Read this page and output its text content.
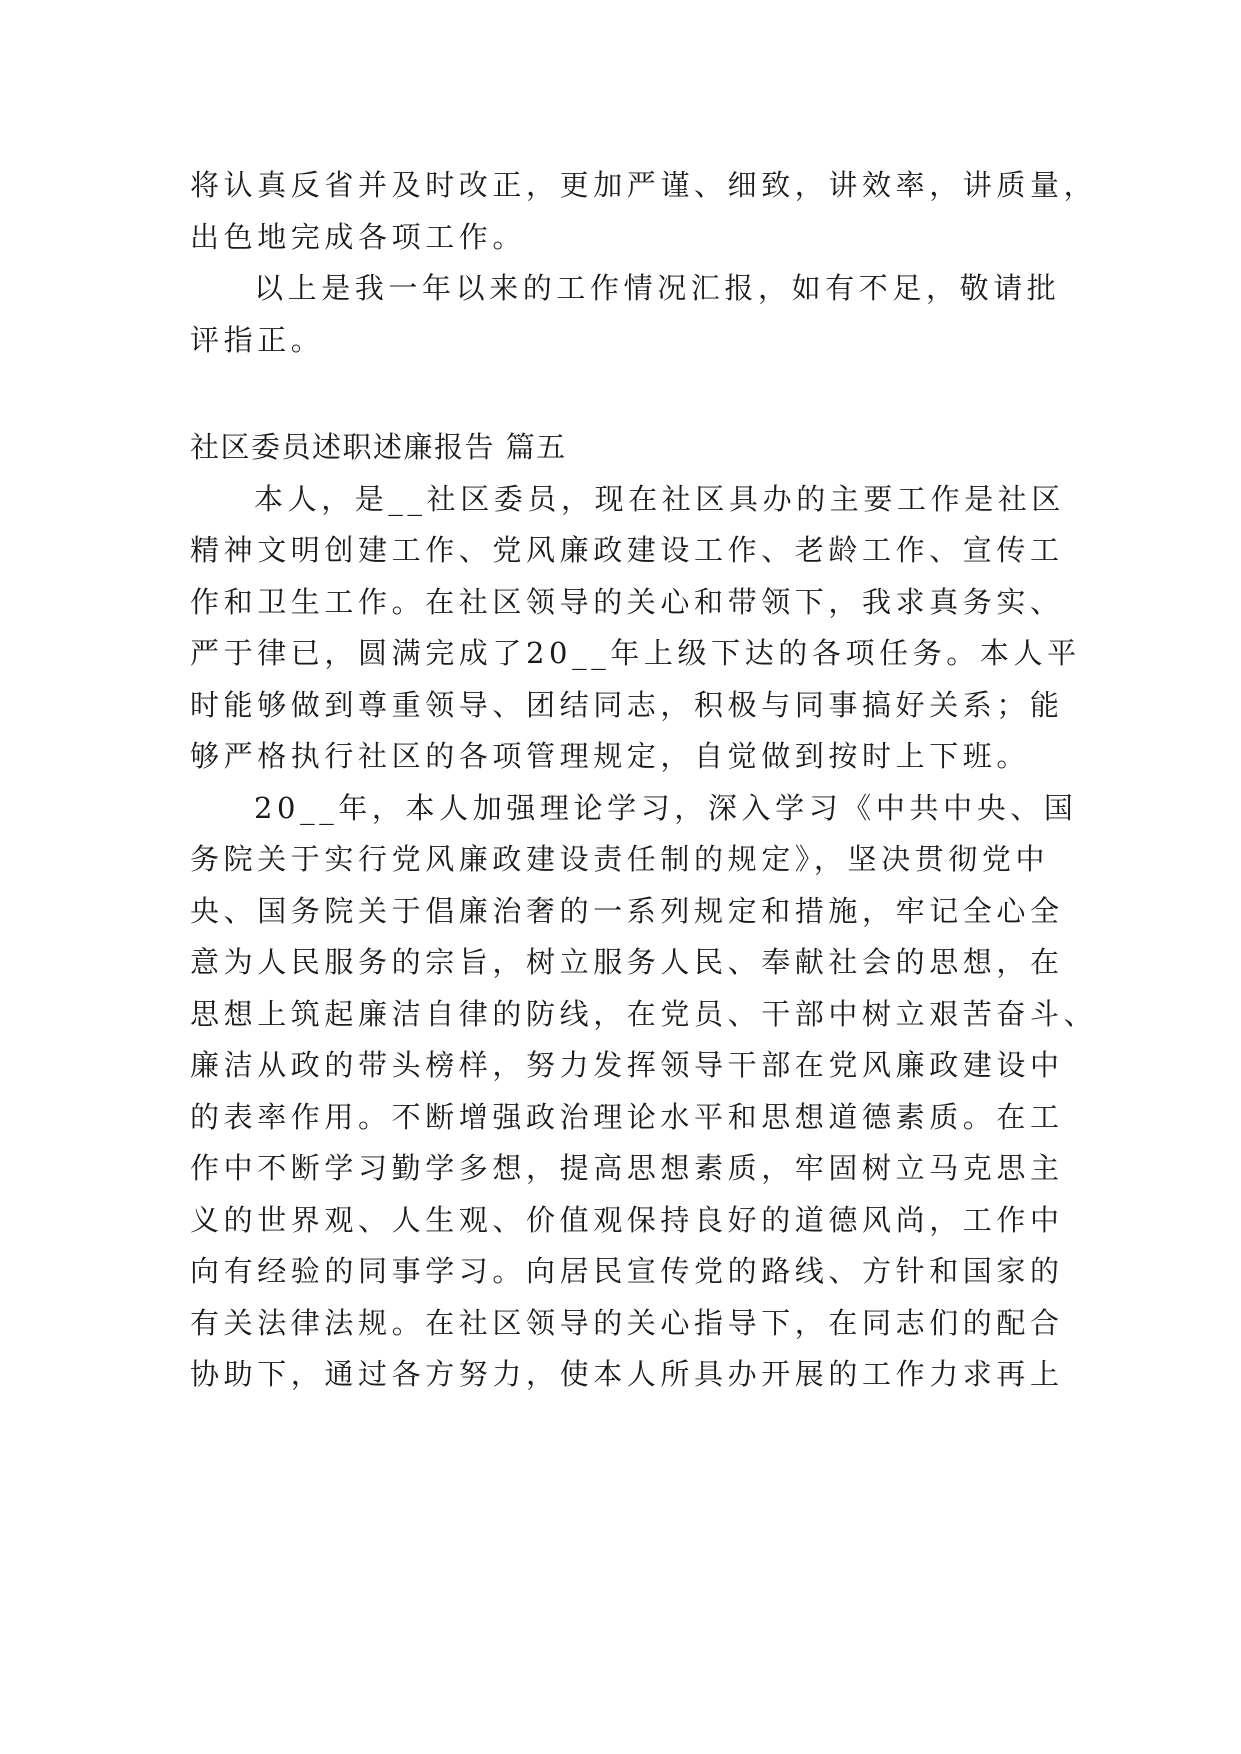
将认真反省并及时改正，更加严谨、细致，讲效率，讲质量，
出色地完成各项工作。

以上是我一年以来的工作情况汇报，如有不足，敬请批
评指正。

社区委员述职述廉报告 篇五

本人，是__社区委员，现在社区具办的主要工作是社区
精神文明创建工作、党风廉政建设工作、老龄工作、宣传工
作和卫生工作。在社区领导的关心和带领下，我求真务实、
严于律已，圆满完成了20__年上级下达的各项任务。本人平
时能够做到尊重领导、团结同志，积极与同事搞好关系；能
够严格执行社区的各项管理规定，自觉做到按时上下班。

20__年，本人加强理论学习，深入学习《中共中央、国
务院关于实行党风廉政建设责任制的规定》，坚决贯彻党中
央、国务院关于倡廉治奢的一系列规定和措施，牢记全心全
意为人民服务的宗旨，树立服务人民、奉献社会的思想，在
思想上筑起廉洁自律的防线，在党员、干部中树立艰苦奋斗、
廉洁从政的带头榜样，努力发挥领导干部在党风廉政建设中
的表率作用。不断增强政治理论水平和思想道德素质。在工
作中不断学习勤学多想，提高思想素质，牢固树立马克思主
义的世界观、人生观、价值观保持良好的道德风尚，工作中
向有经验的同事学习。向居民宣传党的路线、方针和国家的
有关法律法规。在社区领导的关心指导下，在同志们的配合
协助下，通过各方努力，使本人所具办开展的工作力求再上
